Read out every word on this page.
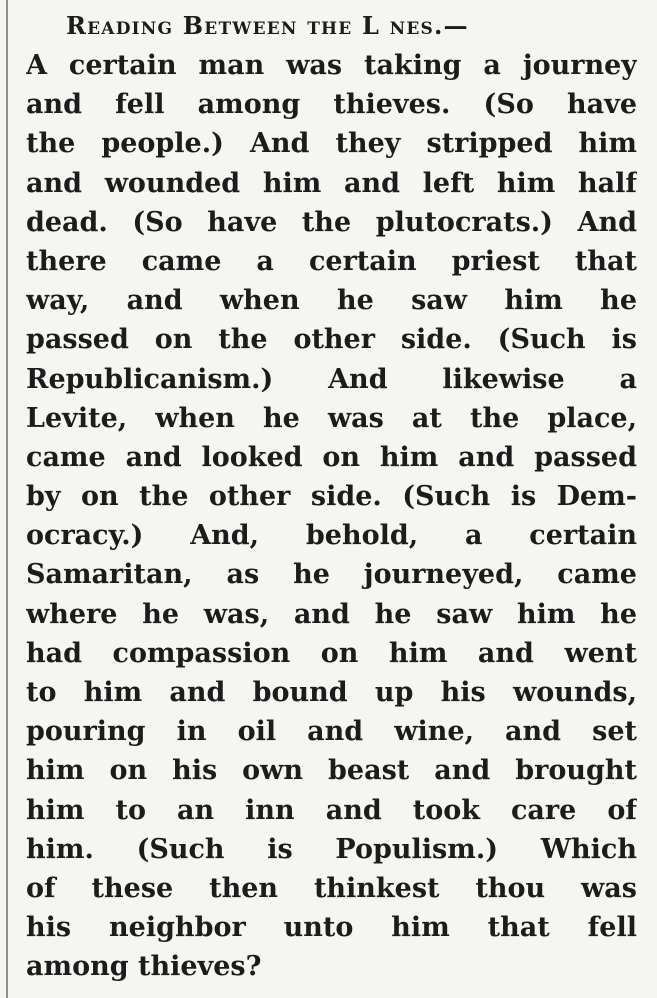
Reading Between the L nes.—
A certain man was taking a journey
and fell among thieves. (So have
the people.) And they stripped him
and wounded him and left him half
dead. (So have the plutocrats.) And
there came a certain priest that
way, and when he saw him he
passed on the other side. (Such is
Republicanism.) And likewise a
Levite, when he was at the place,
came and looked on him and passed
by on the other side. (Such is Dem-
ocracy.) And, behold, a certain
Samaritan, as he journeyed, came
where he was, and he saw him he
had compassion on him and went
to him and bound up his wounds,
pouring in oil and wine, and set
him on his own beast and brought
him to an inn and took care of
him. (Such is Populism.) Which
of these then thinkest thou was
his neighbor unto him that fell
among thieves?
